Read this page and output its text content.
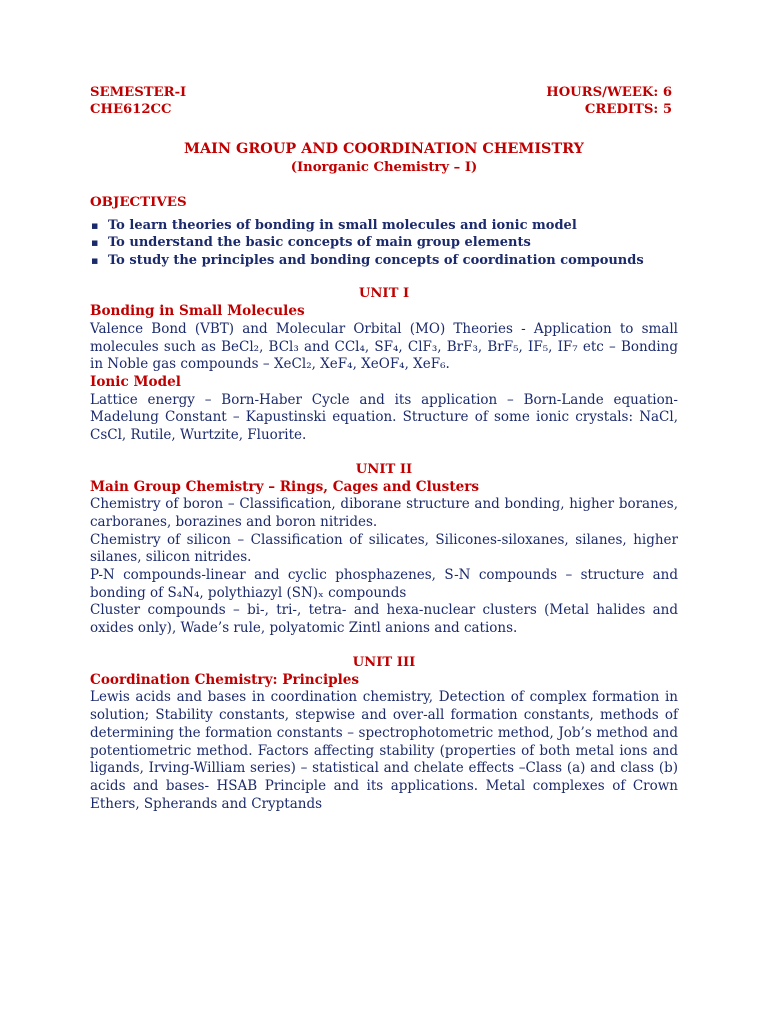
SEMESTER-I	HOURS/WEEK: 6
CHE612CC	CREDITS: 5
MAIN GROUP AND COORDINATION CHEMISTRY
(Inorganic Chemistry – I)
OBJECTIVES
▪ To learn theories of bonding in small molecules and ionic model
▪ To understand the basic concepts of main group elements
▪ To study the principles and bonding concepts of coordination compounds
UNIT I
Bonding in Small Molecules

Valence Bond (VBT) and Molecular Orbital (MO) Theories - Application to small molecules such as BeCl₂, BCl₃ and CCl₄, SF₄, ClF₃, BrF₃, BrF₅, IF₅, IF₇ etc – Bonding in Noble gas compounds – XeCl₂, XeF₄, XeOF₄, XeF₆.

Ionic Model

Lattice energy – Born-Haber Cycle and its application – Born-Lande equation- Madelung Constant – Kapustinski equation. Structure of some ionic crystals: NaCl, CsCl, Rutile, Wurtzite, Fluorite.

UNIT II
Main Group Chemistry – Rings, Cages and Clusters

Chemistry of boron – Classification, diborane structure and bonding, higher boranes, carboranes, borazines and boron nitrides.

Chemistry of silicon – Classification of silicates, Silicones-siloxanes, silanes, higher silanes, silicon nitrides.

P-N compounds-linear and cyclic phosphazenes, S-N compounds – structure and bonding of S₄N₄, polythiazyl (SN)ₓ compounds

Cluster compounds – bi-, tri-, tetra- and hexa-nuclear clusters (Metal halides and oxides only), Wade’s rule, polyatomic Zintl anions and cations.

UNIT III
Coordination Chemistry: Principles

Lewis acids and bases in coordination chemistry, Detection of complex formation in solution; Stability constants, stepwise and over-all formation constants, methods of determining the formation constants – spectrophotometric method, Job’s method and potentiometric method. Factors affecting stability (properties of both metal ions and ligands, Irving-William series) – statistical and chelate effects –Class (a) and class (b) acids and bases- HSAB Principle and its applications. Metal complexes of Crown Ethers, Spherands and Cryptands
